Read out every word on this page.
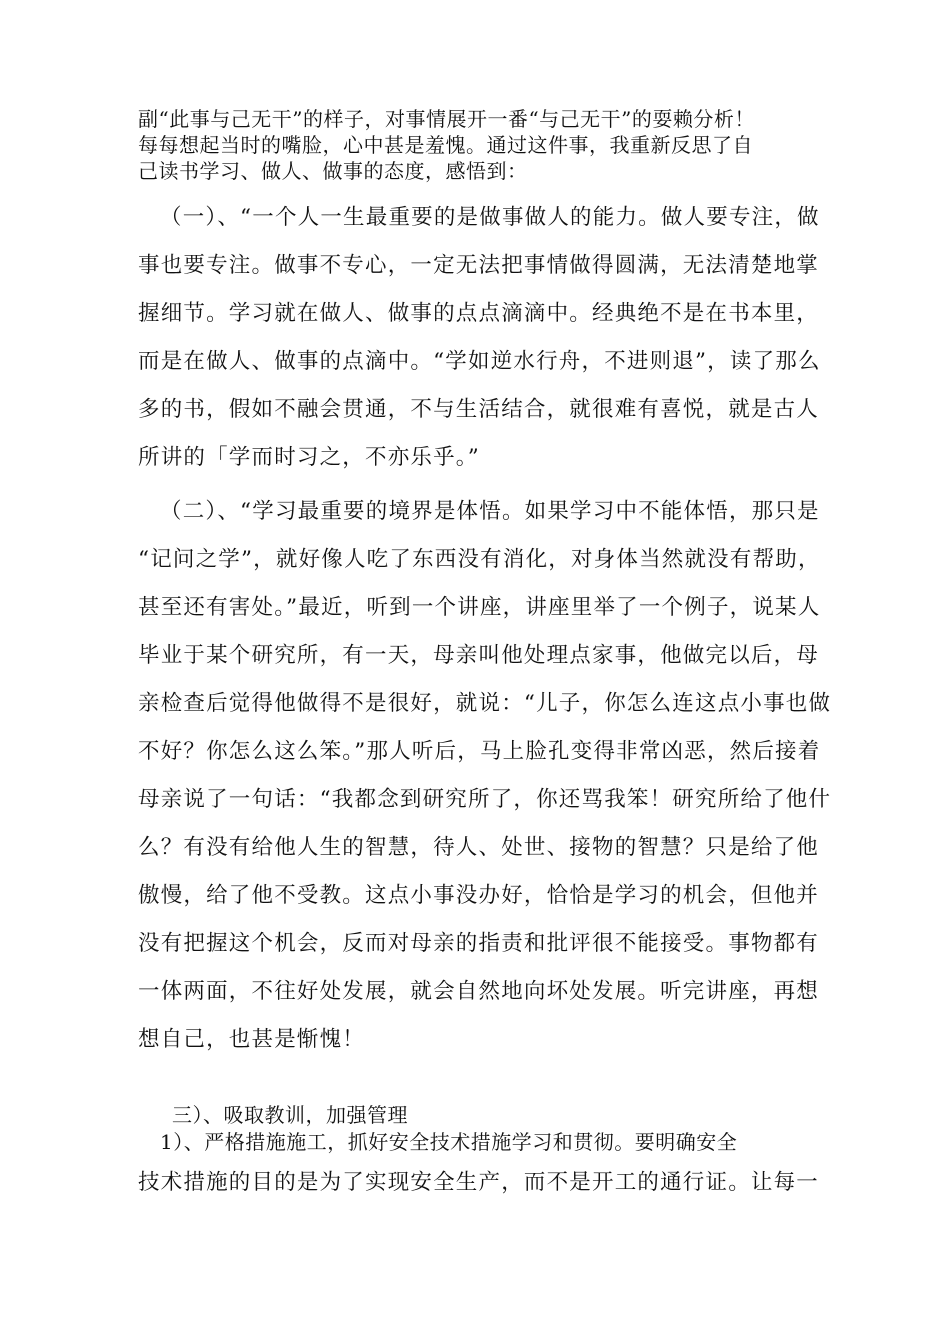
副“此事与己无干”的样子，对事情展开一番“与己无干”的耍赖分析！
每每想起当时的嘴脸，心中甚是羞愧。通过这件事，我重新反思了自
己读书学习、做人、做事的态度，感悟到：
（一）、“一个人一生最重要的是做事做人的能力。做人要专注，做
事也要专注。做事不专心，一定无法把事情做得圆满，无法清楚地掌
握细节。学习就在做人、做事的点点滴滴中。经典绝不是在书本里，
而是在做人、做事的点滴中。“学如逆水行舟，不进则退”，读了那么
多的书，假如不融会贯通，不与生活结合，就很难有喜悦，就是古人
所讲的「学而时习之，不亦乐乎。”
（二）、“学习最重要的境界是体悟。如果学习中不能体悟，那只是
“记问之学”，就好像人吃了东西没有消化，对身体当然就没有帮助，
甚至还有害处。”最近，听到一个讲座，讲座里举了一个例子，说某人
毕业于某个研究所，有一天，母亲叫他处理点家事，他做完以后，母
亲检查后觉得他做得不是很好，就说：“儿子，你怎么连这点小事也做
不好？你怎么这么笨。”那人听后，马上脸孔变得非常凶恶，然后接着
母亲说了一句话：“我都念到研究所了，你还骂我笨！研究所给了他什
么？有没有给他人生的智慧，待人、处世、接物的智慧？只是给了他
傲慢，给了他不受教。这点小事没办好，恰恰是学习的机会，但他并
没有把握这个机会，反而对母亲的指责和批评很不能接受。事物都有
一体两面，不往好处发展，就会自然地向坏处发展。听完讲座，再想
想自己，也甚是惭愧！
三）、吸取教训，加强管理
1）、严格措施施工，抓好安全技术措施学习和贯彻。要明确安全
技术措施的目的是为了实现安全生产，而不是开工的通行证。让每一
